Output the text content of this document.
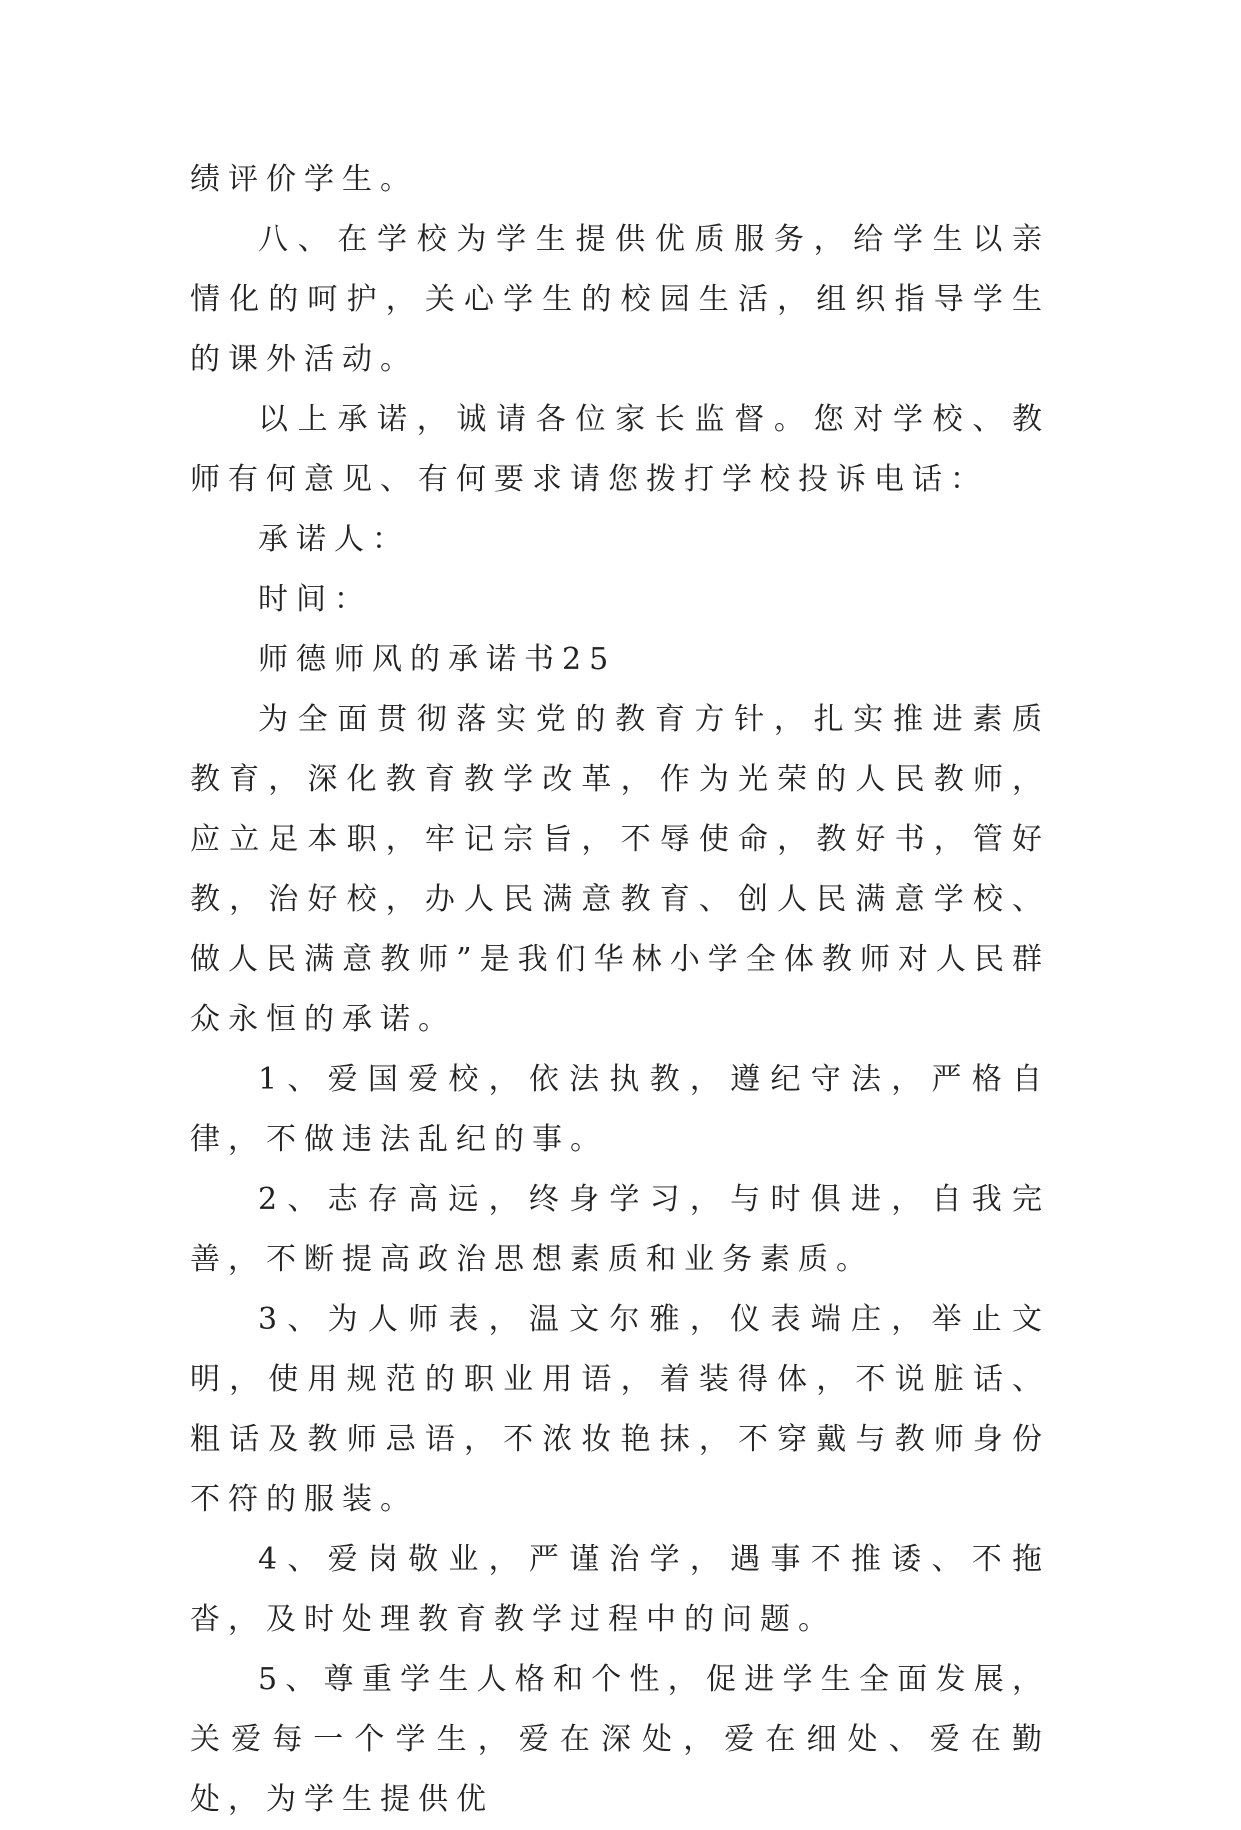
绩评价学生。

八、在学校为学生提供优质服务，给学生以亲情化的呵护，关心学生的校园生活，组织指导学生的课外活动。

以上承诺，诚请各位家长监督。您对学校、教师有何意见、有何要求请您拨打学校投诉电话：

承诺人：

时间：

师德师风的承诺书25

为全面贯彻落实党的教育方针，扎实推进素质教育，深化教育教学改革，作为光荣的人民教师，应立足本职，牢记宗旨，不辱使命，教好书，管好教，治好校，办人民满意教育、创人民满意学校、做人民满意教师”是我们华林小学全体教师对人民群众永恒的承诺。

1、爱国爱校，依法执教，遵纪守法，严格自律，不做违法乱纪的事。

2、志存高远，终身学习，与时俱进，自我完善，不断提高政治思想素质和业务素质。

3、为人师表，温文尔雅，仪表端庄，举止文明，使用规范的职业用语，着装得体，不说脏话、粗话及教师忌语，不浓妆艳抹，不穿戴与教师身份不符的服装。

4、爱岗敬业，严谨治学，遇事不推诿、不拖沓，及时处理教育教学过程中的问题。

5、尊重学生人格和个性，促进学生全面发展，关爱每一个学生，爱在深处，爱在细处、爱在勤处，为学生提供优
